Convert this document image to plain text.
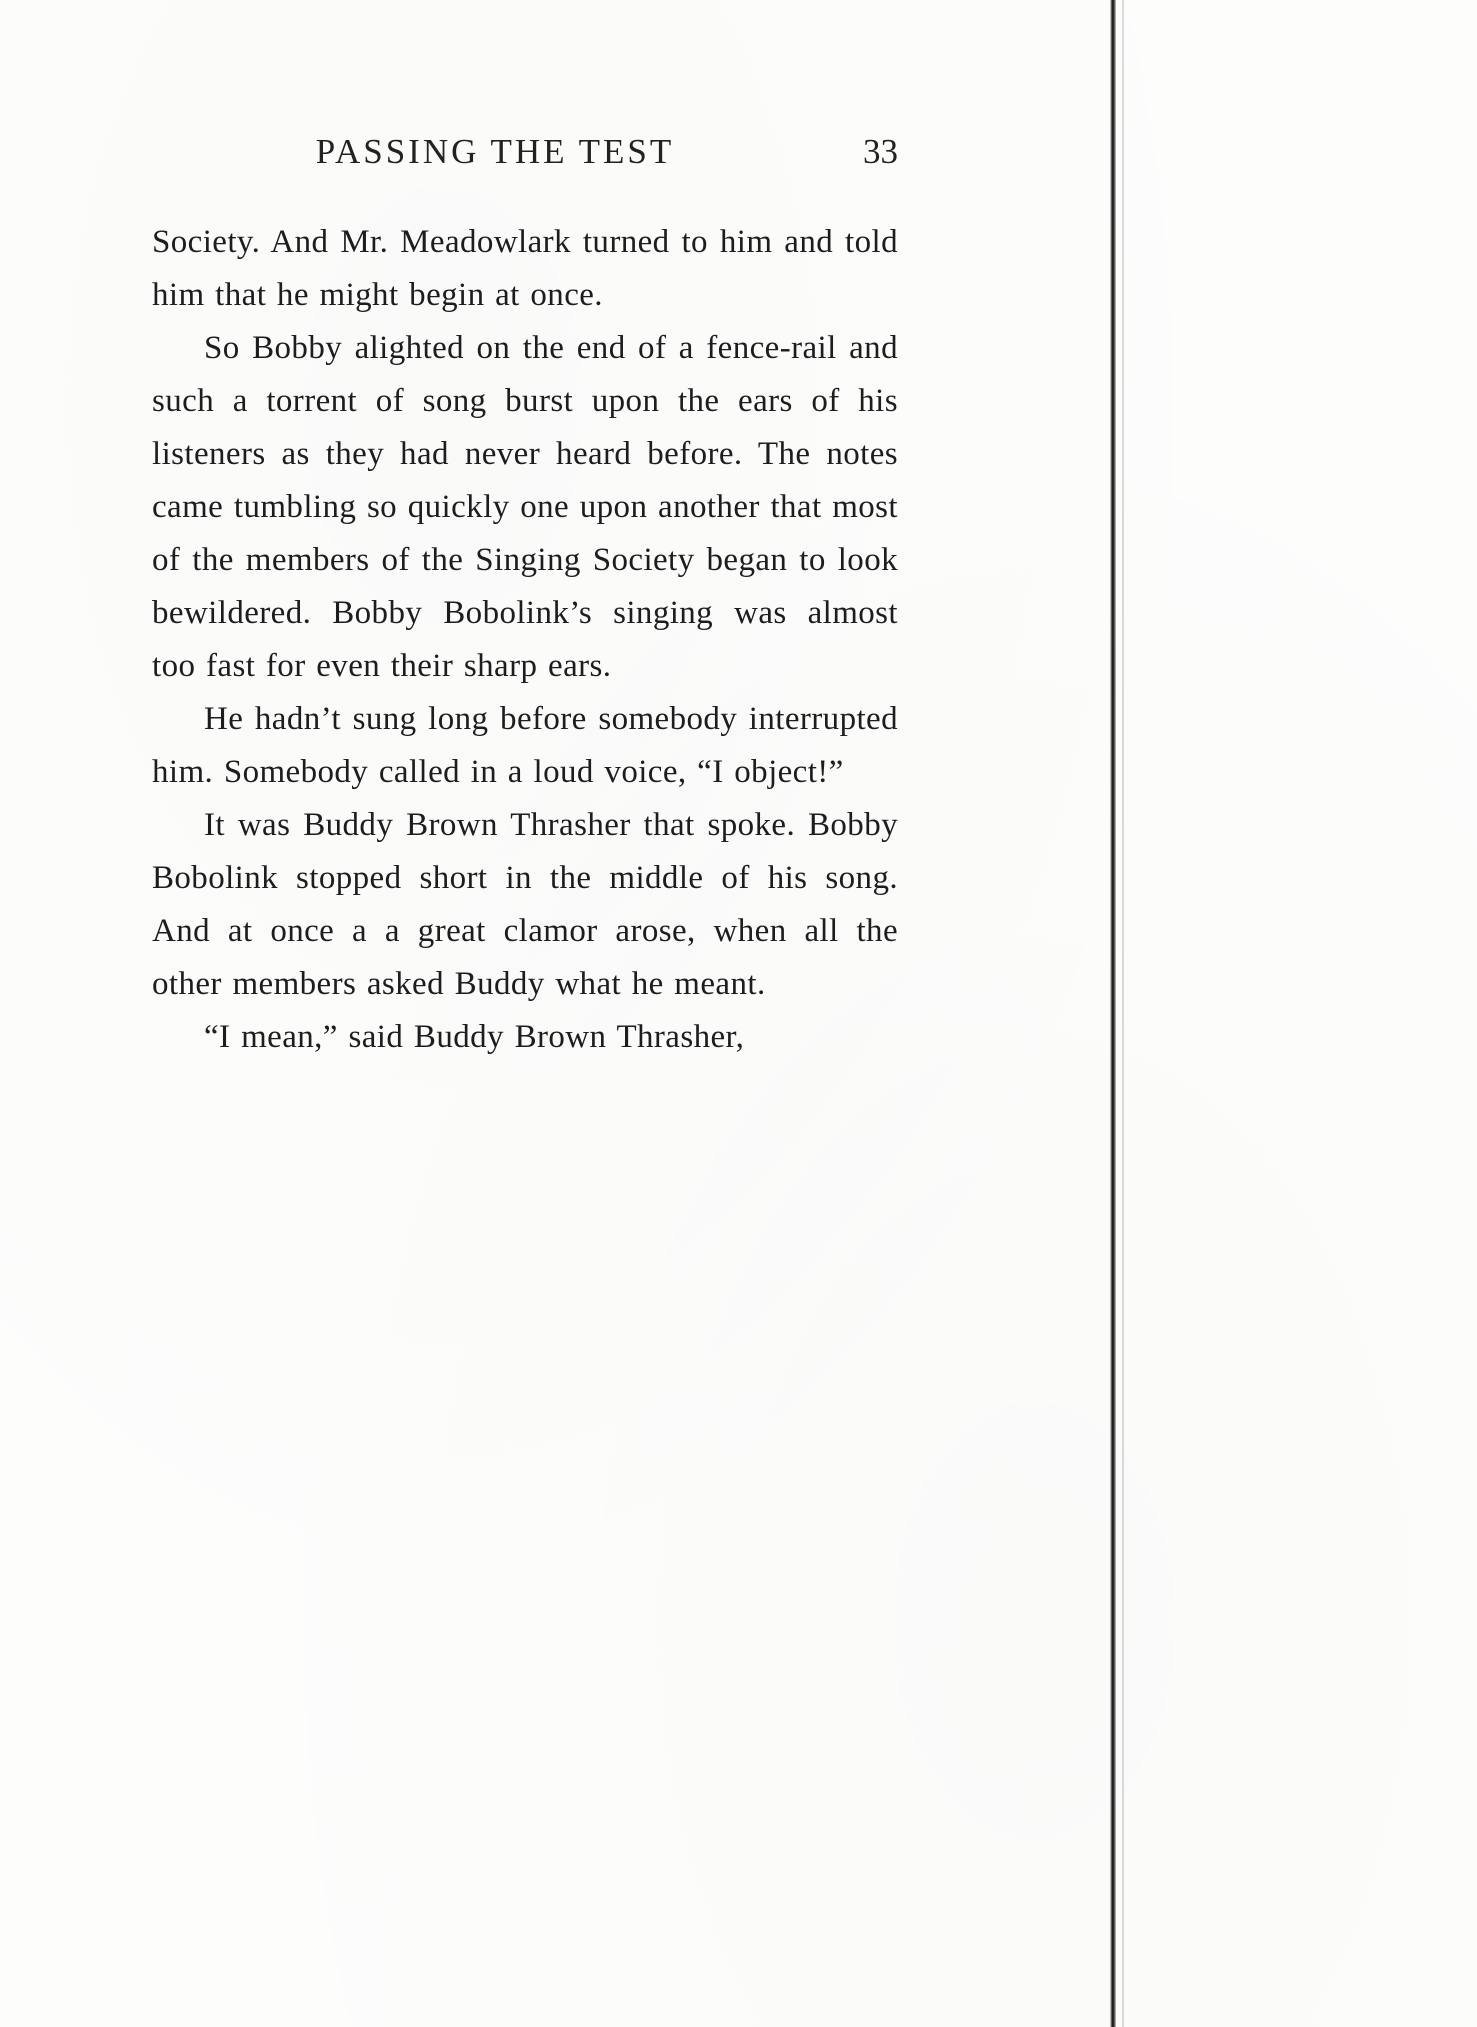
PASSING THE TEST	33

Society. And Mr. Meadowlark turned to him and told him that he might begin at once.

So Bobby alighted on the end of a fence-rail and such a torrent of song burst upon the ears of his listeners as they had never heard before. The notes came tumbling so quickly one upon another that most of the members of the Singing Society began to look bewildered. Bobby Bobolink’s singing was almost too fast for even their sharp ears.

He hadn’t sung long before somebody interrupted him. Somebody called in a loud voice, “I object!”

It was Buddy Brown Thrasher that spoke. Bobby Bobolink stopped short in the middle of his song. And at once a a great clamor arose, when all the other members asked Buddy what he meant.

“I mean,” said Buddy Brown Thrasher,
